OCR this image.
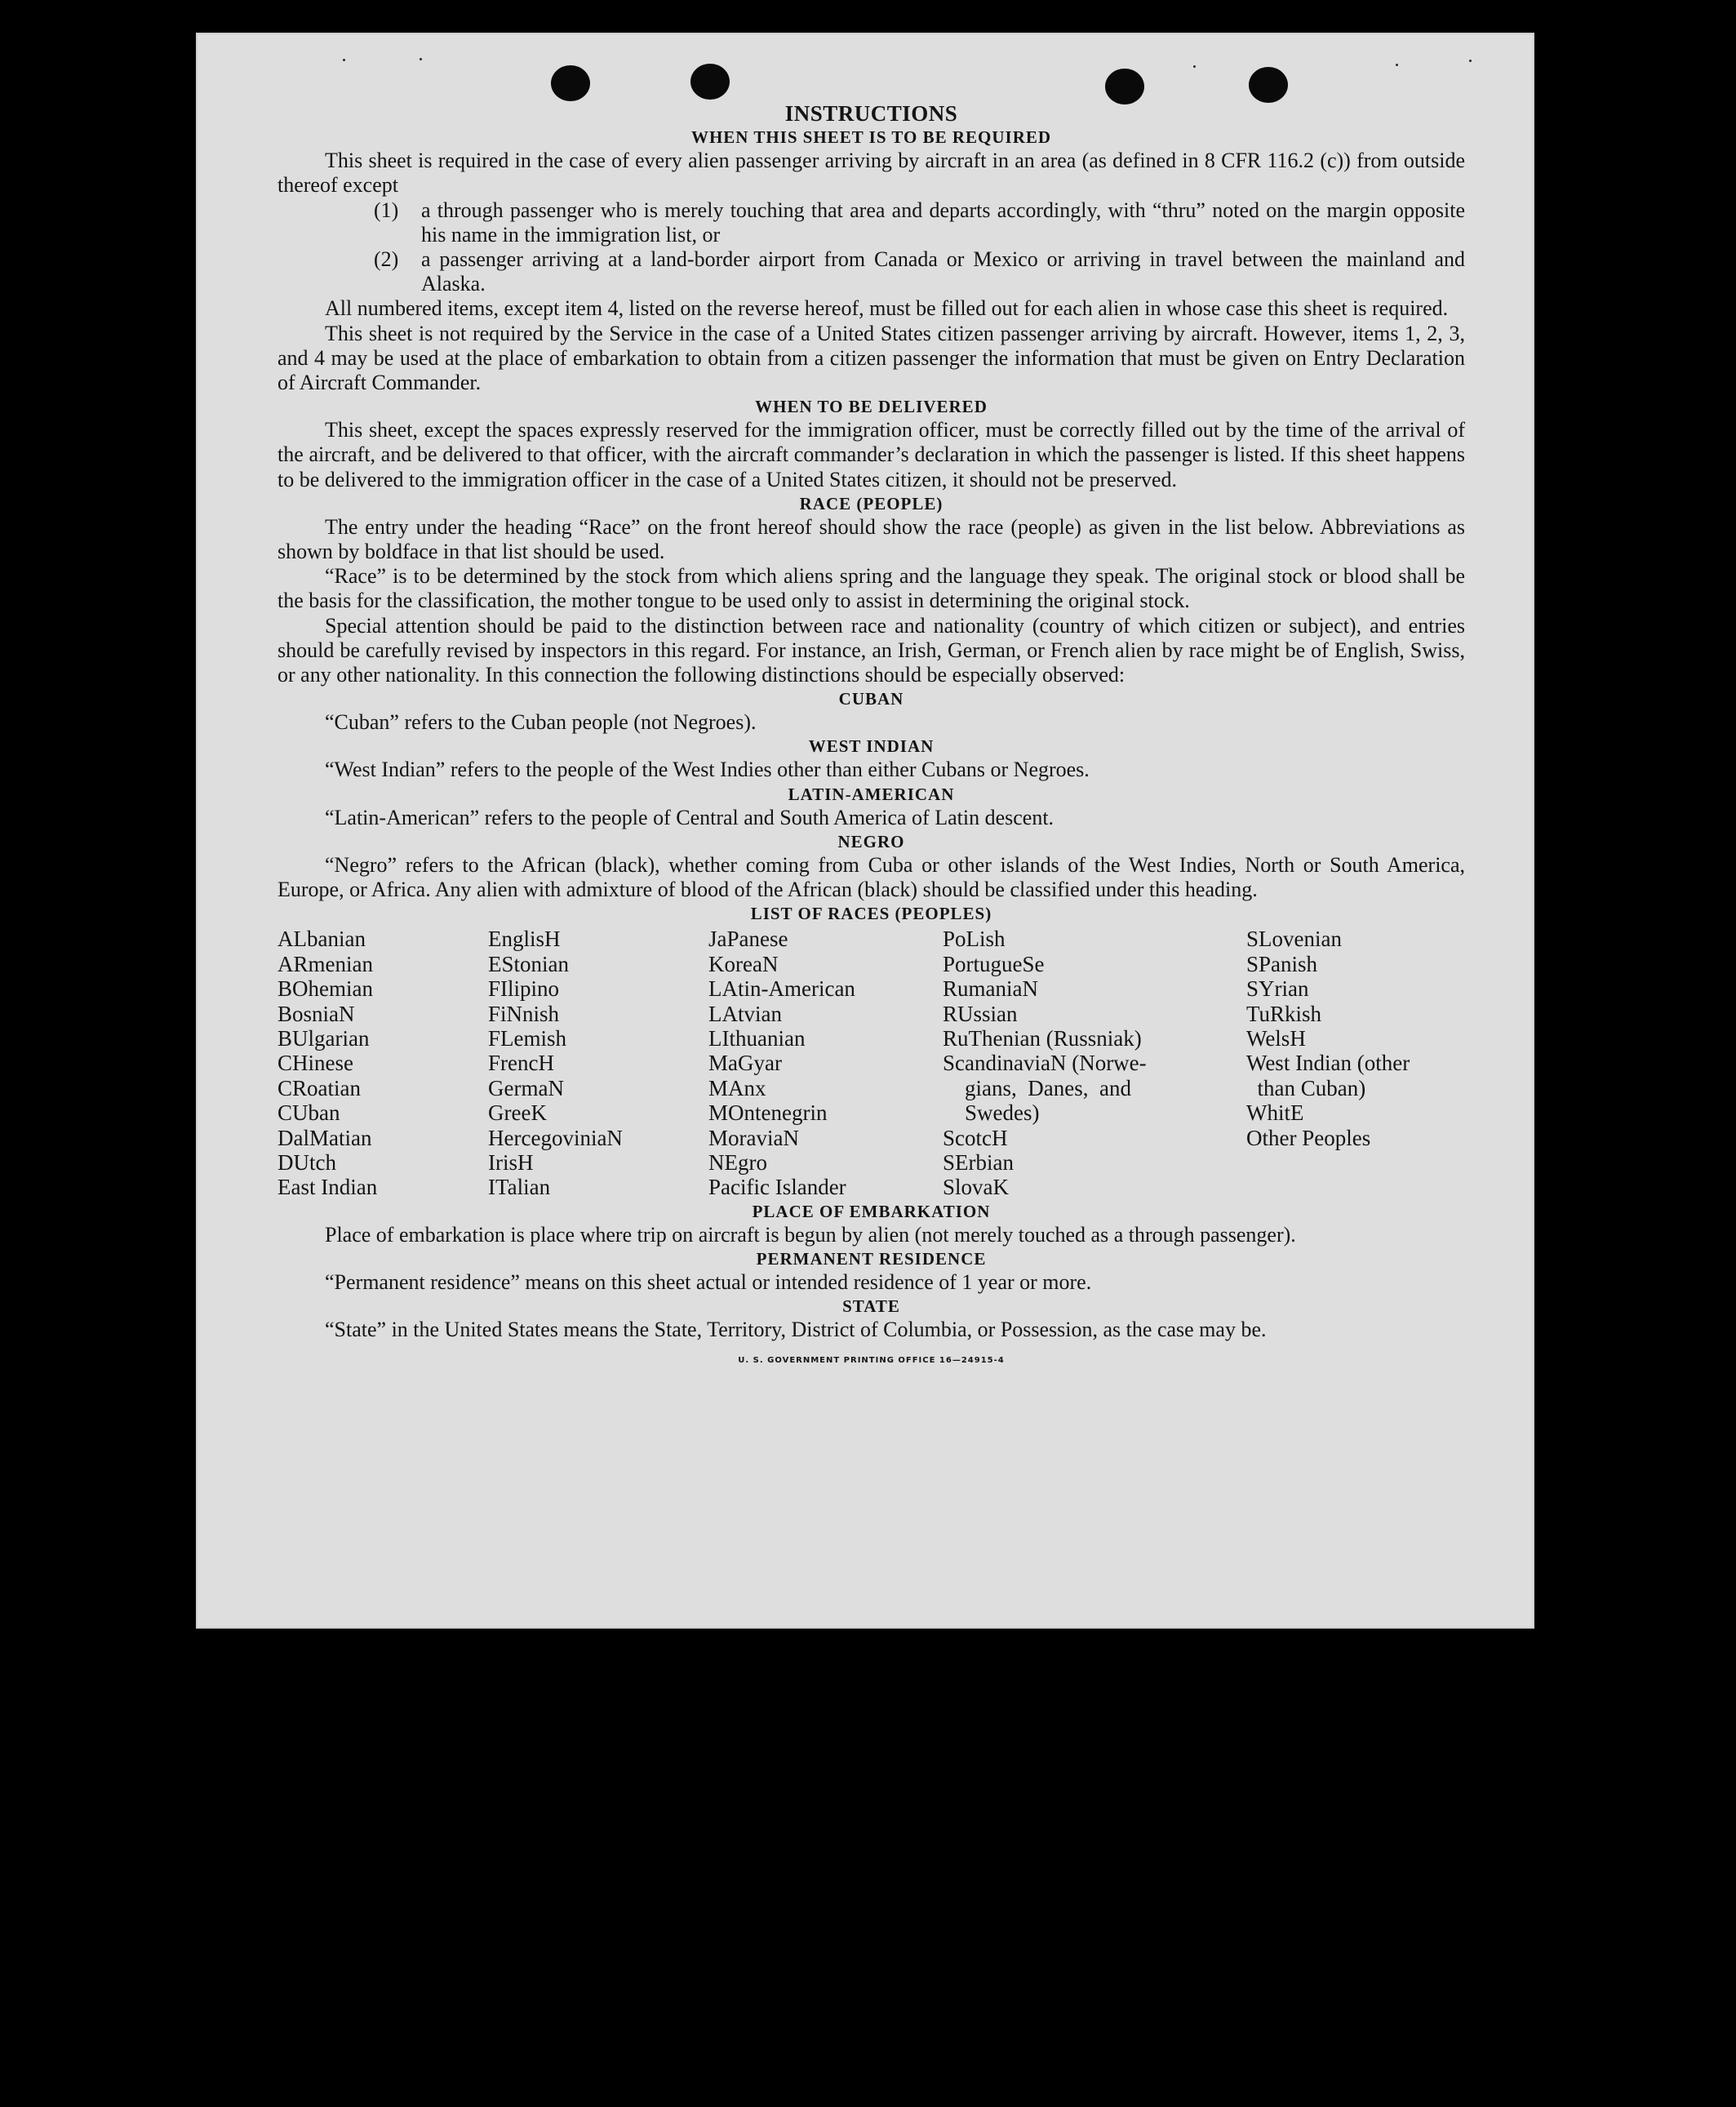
INSTRUCTIONS
WHEN THIS SHEET IS TO BE REQUIRED

This sheet is required in the case of every alien passenger arriving by aircraft in an area (as defined in 8 CFR 116.2 (c)) from outside thereof except

(1)	a through passenger who is merely touching that area and departs accordingly, with “thru” noted on the margin opposite his name in the immigration list, or
(2)	a passenger arriving at a land-border airport from Canada or Mexico or arriving in travel between the mainland and Alaska.

All numbered items, except item 4, listed on the reverse hereof, must be filled out for each alien in whose case this sheet is required.

This sheet is not required by the Service in the case of a United States citizen passenger arriving by aircraft. However, items 1, 2, 3, and 4 may be used at the place of embarkation to obtain from a citizen passenger the information that must be given on Entry Declaration of Aircraft Commander.

WHEN TO BE DELIVERED

This sheet, except the spaces expressly reserved for the immigration officer, must be correctly filled out by the time of the arrival of the aircraft, and be delivered to that officer, with the aircraft commander’s declaration in which the passenger is listed. If this sheet happens to be delivered to the immigration officer in the case of a United States citizen, it should not be preserved.

RACE (PEOPLE)

The entry under the heading “Race” on the front hereof should show the race (people) as given in the list below. Abbreviations as shown by boldface in that list should be used.

“Race” is to be determined by the stock from which aliens spring and the language they speak. The original stock or blood shall be the basis for the classification, the mother tongue to be used only to assist in determining the original stock.

Special attention should be paid to the distinction between race and nationality (country of which citizen or subject), and entries should be carefully revised by inspectors in this regard. For instance, an Irish, German, or French alien by race might be of English, Swiss, or any other nationality. In this connection the following distinctions should be especially observed:

CUBAN

“Cuban” refers to the Cuban people (not Negroes).

WEST INDIAN

“West Indian” refers to the people of the West Indies other than either Cubans or Negroes.

LATIN-AMERICAN

“Latin-American” refers to the people of Central and South America of Latin descent.

NEGRO

“Negro” refers to the African (black), whether coming from Cuba or other islands of the West Indies, North or South America, Europe, or Africa. Any alien with admixture of blood of the African (black) should be classified under this heading.

LIST OF RACES (PEOPLES)
ALbanian
ARmenian
BOhemian
BosniaN
BUlgarian
CHinese
CRoatian
CUban
DalMatian
DUtch
East Indian
EnglisH
EStonian
FIlipino
FiNnish
FLemish
FrencH
GermaN
GreeK
HercegoviniaN
IrisH
ITalian
JaPanese
KoreaN
LAtin-American
LAtvian
LIthuanian
MaGyar
MAnx
MOntenegrin
MoraviaN
NEgro
Pacific Islander
PoLish
PortugueSe
RumaniaN
RUssian
RuThenian (Russniak)
ScandinaviaN (Norwe-
gians,  Danes,  and
Swedes)
ScotcH
SErbian
SlovaK
SLovenian
SPanish
SYrian
TuRkish
WelsH
West Indian (other
than Cuban)
WhitE
Other Peoples
PLACE OF EMBARKATION

Place of embarkation is place where trip on aircraft is begun by alien (not merely touched as a through passenger).

PERMANENT RESIDENCE

“Permanent residence” means on this sheet actual or intended residence of 1 year or more.

STATE

“State” in the United States means the State, Territory, District of Columbia, or Possession, as the case may be.

U. S. GOVERNMENT PRINTING OFFICE 16—24915-4
